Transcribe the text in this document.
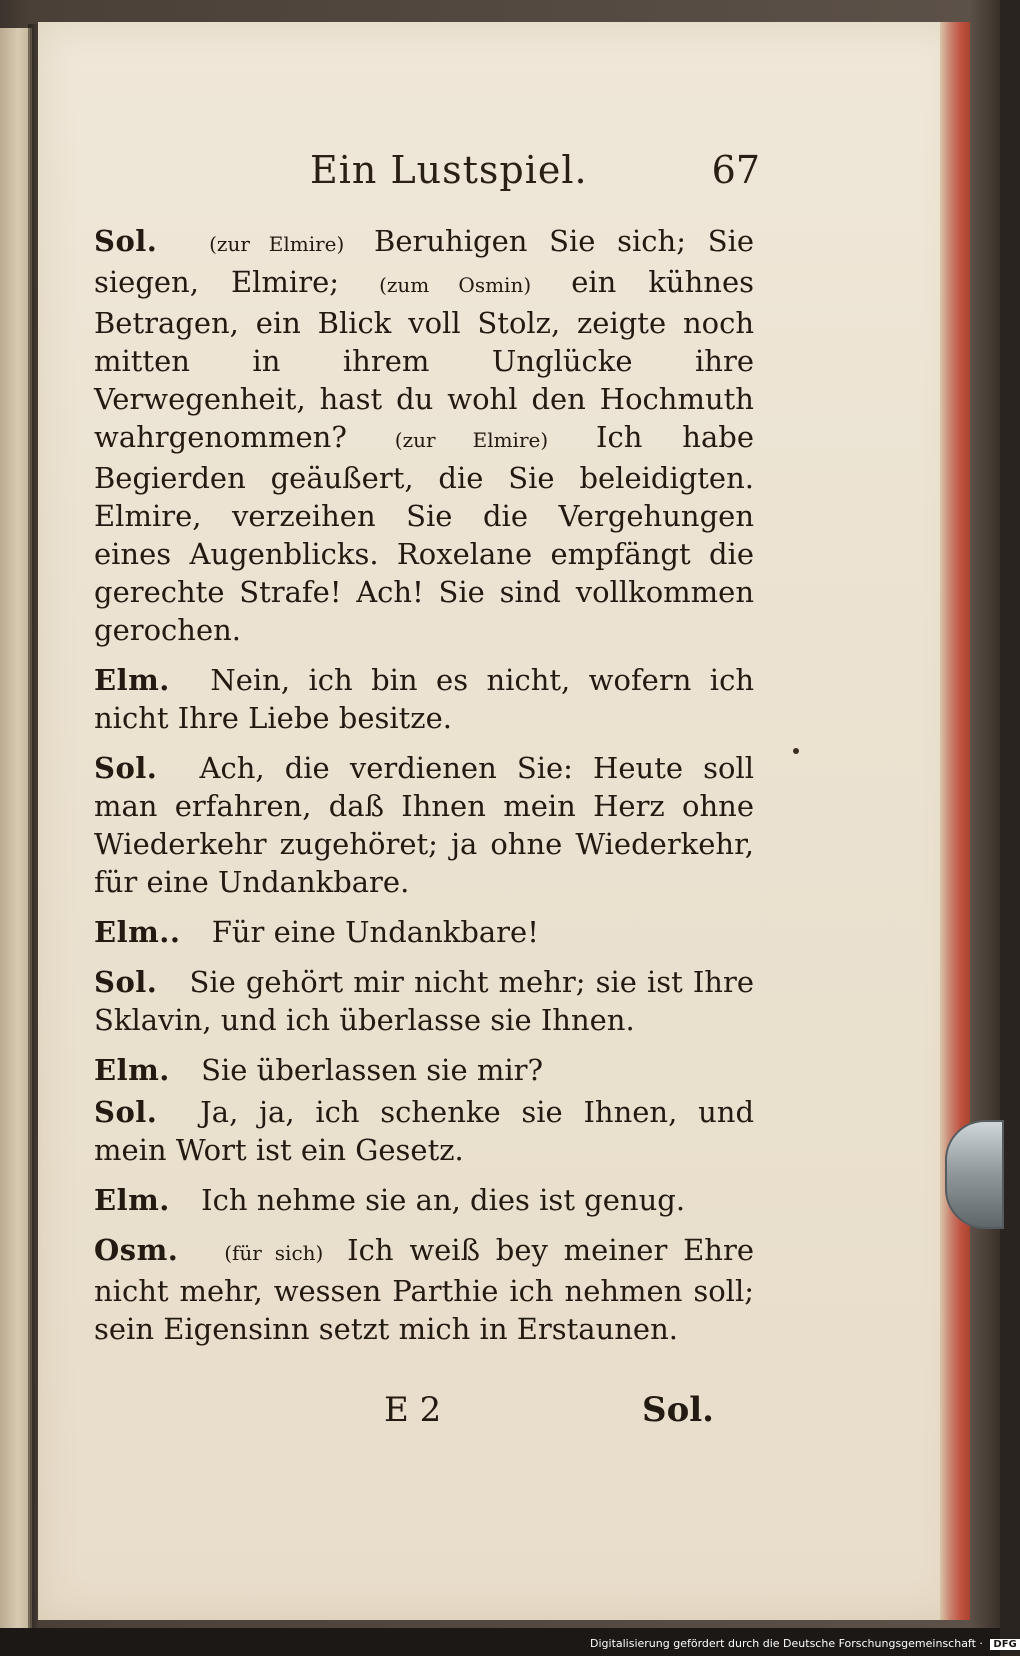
Ein Lustspiel.	67

Sol.	(zur Elmire) Beruhigen Sie sich; Sie siegen, Elmire; (zum Osmin) ein kühnes Betragen, ein Blick voll Stolz, zeigte noch mitten in ihrem Unglücke ihre Verwegenheit, hast du wohl den Hochmuth wahrgenommen? (zur Elmire) Ich habe Begierden geäußert, die Sie beleidigten. Elmire, verzeihen Sie die Vergehungen eines Augenblicks. Roxelane empfängt die gerechte Strafe! Ach! Sie sind vollkommen gerochen.

Elm. Nein, ich bin es nicht, wofern ich nicht Ihre Liebe besitze.

Sol. Ach, die verdienen Sie: Heute soll man erfahren, daß Ihnen mein Herz ohne Wiederkehr zugehöret; ja ohne Wiederkehr, für eine Undankbare.

Elm.. Für eine Undankbare!

Sol. Sie gehört mir nicht mehr; sie ist Ihre Sklavin, und ich überlasse sie Ihnen.

Elm. Sie überlassen sie mir?

Sol. Ja, ja, ich schenke sie Ihnen, und mein Wort ist ein Gesetz.

Elm. Ich nehme sie an, dies ist genug.

Osm. (für sich) Ich weiß bey meiner Ehre nicht mehr, wessen Parthie ich nehmen soll; sein Eigensinn setzt mich in Erstaunen.

E 2	Sol.
Digitalisierung gefördert durch die Deutsche Forschungsgemeinschaft · DFG
